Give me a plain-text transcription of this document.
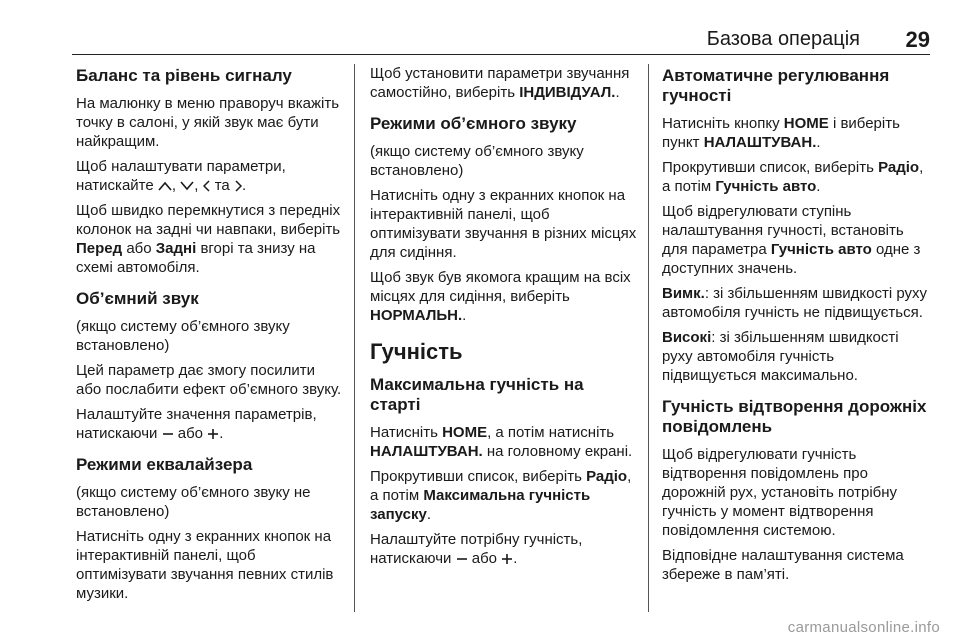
Базова операція 29
Баланс та рівень сигналу

На малюнку в меню праворуч вкажіть точку в салоні, у якій звук має бути найкращим.

Щоб налаштувати параметри, натискайте , ,  та .

Щоб швидко перемкнутися з передніх колонок на задні чи навпаки, виберіть Перед або Задні вгорі та знизу на схемі автомобіля.

Об’ємний звук

(якщо систему об’ємного звуку встановлено)

Цей параметр дає змогу посилити або послабити ефект об’ємного звуку.

Налаштуйте значення параметрів, натискаючи  або .

Режими еквалайзера

(якщо систему об’ємного звуку не встановлено)

Натисніть одну з екранних кнопок на інтерактивній панелі, щоб оптимізувати звучання певних стилів музики.

Щоб установити параметри звучання самостійно, виберіть ІНДИВІДУАЛ..

Режими об’ємного звуку

(якщо систему об’ємного звуку встановлено)

Натисніть одну з екранних кнопок на інтерактивній панелі, щоб оптимізувати звучання в різних місцях для сидіння.

Щоб звук був якомога кращим на всіх місцях для сидіння, виберіть НОРМАЛЬН..

Гучність
Максимальна гучність на старті

Натисніть HOME, а потім натисніть НАЛАШТУВАН. на головному екрані.

Прокрутивши список, виберіть Радіо, а потім Максимальна гучність запуску.

Налаштуйте потрібну гучність, натискаючи  або .

Автоматичне регулювання гучності

Натисніть кнопку HOME і виберіть пункт НАЛАШТУВАН..

Прокрутивши список, виберіть Радіо, а потім Гучність авто.

Щоб відрегулювати ступінь налаштування гучності, встановіть для параметра Гучність авто одне з доступних значень.

Вимк.: зі збільшенням швидкості руху автомобіля гучність не підвищується.

Високі: зі збільшенням швидкості руху автомобіля гучність підвищується максимально.

Гучність відтворення дорожніх повідомлень

Щоб відрегулювати гучність відтворення повідомлень про дорожній рух, установіть потрібну гучність у момент відтворення повідомлення системою.

Відповідне налаштування система збереже в пам’яті.

carmanualsonline.info
